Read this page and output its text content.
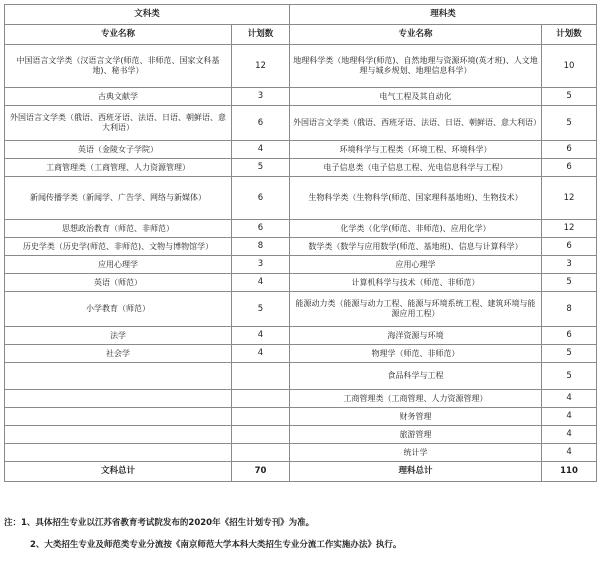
文科类		理科类	
专业名称	计划数	专业名称	计划数
中国语言文学类（汉语言文学(师范、非师范、国家文科基地)、秘书学）	12	地理科学类（地理科学(师范)、自然地理与资源环境(英才班)、人文地理与城乡规划、地理信息科学）	10
古典文献学	3	电气工程及其自动化	5
外国语言文学类（俄语、西班牙语、法语、日语、朝鲜语、意大利语）	6	外国语言文学类（俄语、西班牙语、法语、日语、朝鲜语、意大利语）	5
英语（金陵女子学院）	4	环境科学与工程类（环境工程、环境科学）	6
工商管理类（工商管理、人力资源管理）	5	电子信息类（电子信息工程、光电信息科学与工程）	6
新闻传播学类（新闻学、广告学、网络与新媒体）	6	生物科学类（生物科学(师范、国家理科基地班)、生物技术）	12
思想政治教育（师范、非师范）	6	化学类（化学(师范、非师范)、应用化学）	12
历史学类（历史学(师范、非师范)、文物与博物馆学）	8	数学类（数学与应用数学(师范、基地班)、信息与计算科学）	6
应用心理学	3	应用心理学	3
英语（师范）	4	计算机科学与技术（师范、非师范）	5
小学教育（师范）	5	能源动力类（能源与动力工程、能源与环境系统工程、建筑环境与能源应用工程）	8
法学	4	海洋资源与环境	6
社会学	4	物理学（师范、非师范）	5
		食品科学与工程	5
		工商管理类（工商管理、人力资源管理）	4
		财务管理	4
		旅游管理	4
		统计学	4
文科总计	70	理科总计	110
注：1、具体招生专业以江苏省教育考试院发布的2020年《招生计划专刊》为准。
2、大类招生专业及师范类专业分流按《南京师范大学本科大类招生专业分流工作实施办法》执行。
